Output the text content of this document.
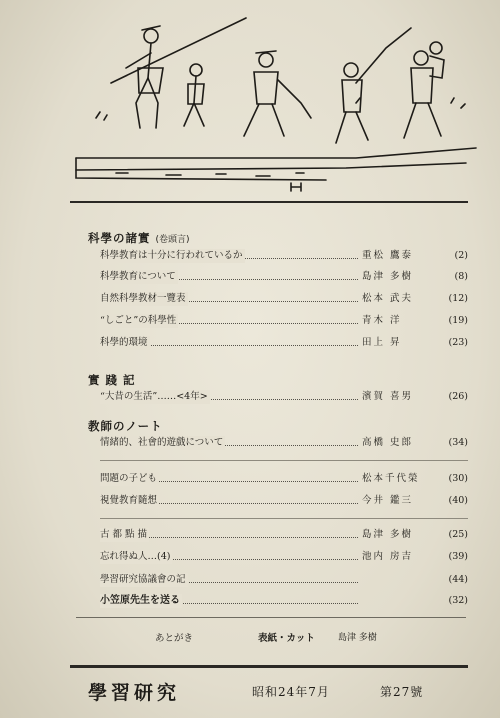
科學の諸實 (卷頭言)
科學教育は十分に行われているか	重松 鷹泰	(2)
科學教育について	島津 多樹	(8)
自然科學教材一覽表	松本 武夫	(12)
“しごと”の科學性	青木 洋	(19)
科學的環境	田上 昇	(23)
實 踐 記
“大昔の生活”……<4年>	濱賀 喜男	(26)
教師のノート
情緒的、社會的遊戲について	高橋 史郎	(34)
問題の子ども	松本千代榮	(30)
視覺教育隨想	今井 鑑三	(40)
古 都 點 描	島津 多樹	(25)
忘れ得ぬ人…(4)	池内 房吉	(39)
學習研究協議會の記	(44)
小笠原先生を送る	(32)
あとがき	表紙・カット	島津 多樹
學習研究	昭和24年7月	第27號
